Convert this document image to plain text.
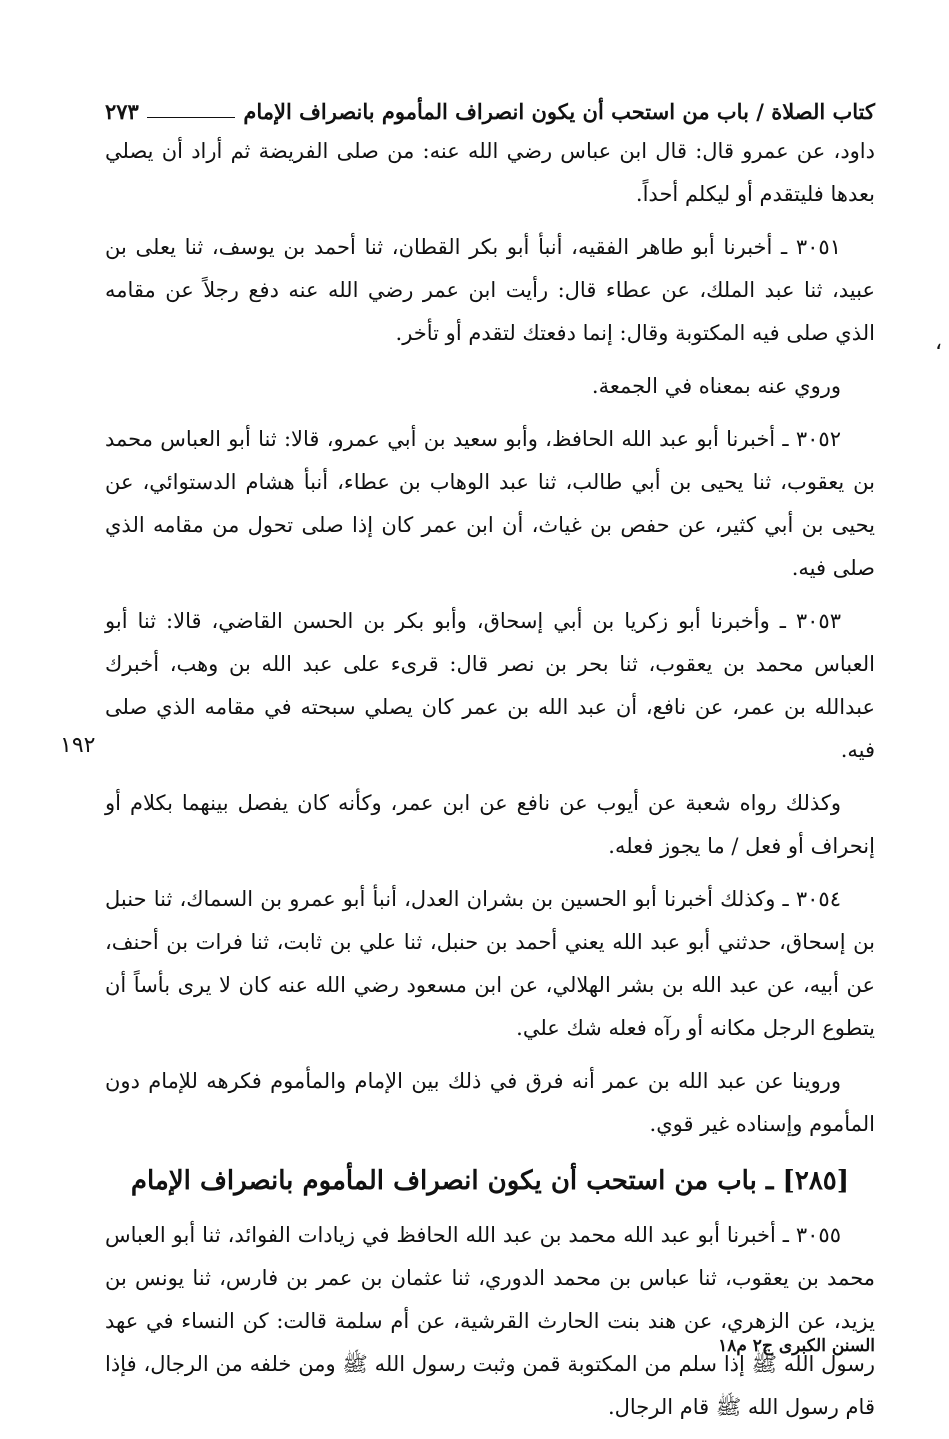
كتاب الصلاة / باب من استحب أن يكون انصراف المأموم بانصراف الإمام
٢٧٣

داود، عن عمرو قال: قال ابن عباس رضي الله عنه: من صلى الفريضة ثم أراد أن يصلي بعدها فليتقدم أو ليكلم أحداً.

٣٠٥١ ـ أخبرنا أبو طاهر الفقيه، أنبأ أبو بكر القطان، ثنا أحمد بن يوسف، ثنا يعلى بن عبيد، ثنا عبد الملك، عن عطاء قال: رأيت ابن عمر رضي الله عنه دفع رجلاً عن مقامه الذي صلى فيه المكتوبة وقال: إنما دفعتك لتقدم أو تأخر.

وروي عنه بمعناه في الجمعة.

٣٠٥٢ ـ أخبرنا أبو عبد الله الحافظ، وأبو سعيد بن أبي عمرو، قالا: ثنا أبو العباس محمد بن يعقوب، ثنا يحيى بن أبي طالب، ثنا عبد الوهاب بن عطاء، أنبأ هشام الدستوائي، عن يحيى بن أبي كثير، عن حفص بن غياث، أن ابن عمر كان إذا صلى تحول من مقامه الذي صلى فيه.

٣٠٥٣ ـ وأخبرنا أبو زكريا بن أبي إسحاق، وأبو بكر بن الحسن القاضي، قالا: ثنا أبو العباس محمد بن يعقوب، ثنا بحر بن نصر قال: قرىء على عبد الله بن وهب، أخبرك عبدالله بن عمر، عن نافع، أن عبد الله بن عمر كان يصلي سبحته في مقامه الذي صلى فيه.

وكذلك رواه شعبة عن أيوب عن نافع عن ابن عمر، وكأنه كان يفصل بينهما بكلام أو إنحراف أو فعل / ما يجوز فعله.

٣٠٥٤ ـ وكذلك أخبرنا أبو الحسين بن بشران العدل، أنبأ أبو عمرو بن السماك، ثنا حنبل بن إسحاق، حدثني أبو عبد الله يعني أحمد بن حنبل، ثنا علي بن ثابت، ثنا فرات بن أحنف، عن أبيه، عن عبد الله بن بشر الهلالي، عن ابن مسعود رضي الله عنه كان لا يرى بأساً أن يتطوع الرجل مكانه أو رآه فعله شك علي.

وروينا عن عبد الله بن عمر أنه فرق في ذلك بين الإمام والمأموم فكرهه للإمام دون المأموم وإسناده غير قوي.

[٢٨٥] ـ باب من استحب أن يكون انصراف المأموم بانصراف الإمام

٣٠٥٥ ـ أخبرنا أبو عبد الله محمد بن عبد الله الحافظ في زيادات الفوائد، ثنا أبو العباس محمد بن يعقوب، ثنا عباس بن محمد الدوري، ثنا عثمان بن عمر بن فارس، ثنا يونس بن يزيد، عن الزهري، عن هند بنت الحارث القرشية، عن أم سلمة قالت: كن النساء في عهد رسول الله ﷺ إذا سلم من المكتوبة قمن وثبت رسول الله ﷺ ومن خلفه من الرجال، فإذا قام رسول الله ﷺ قام الرجال.

،
١٩٢
السنن الكبرى ج٢ م١٨
